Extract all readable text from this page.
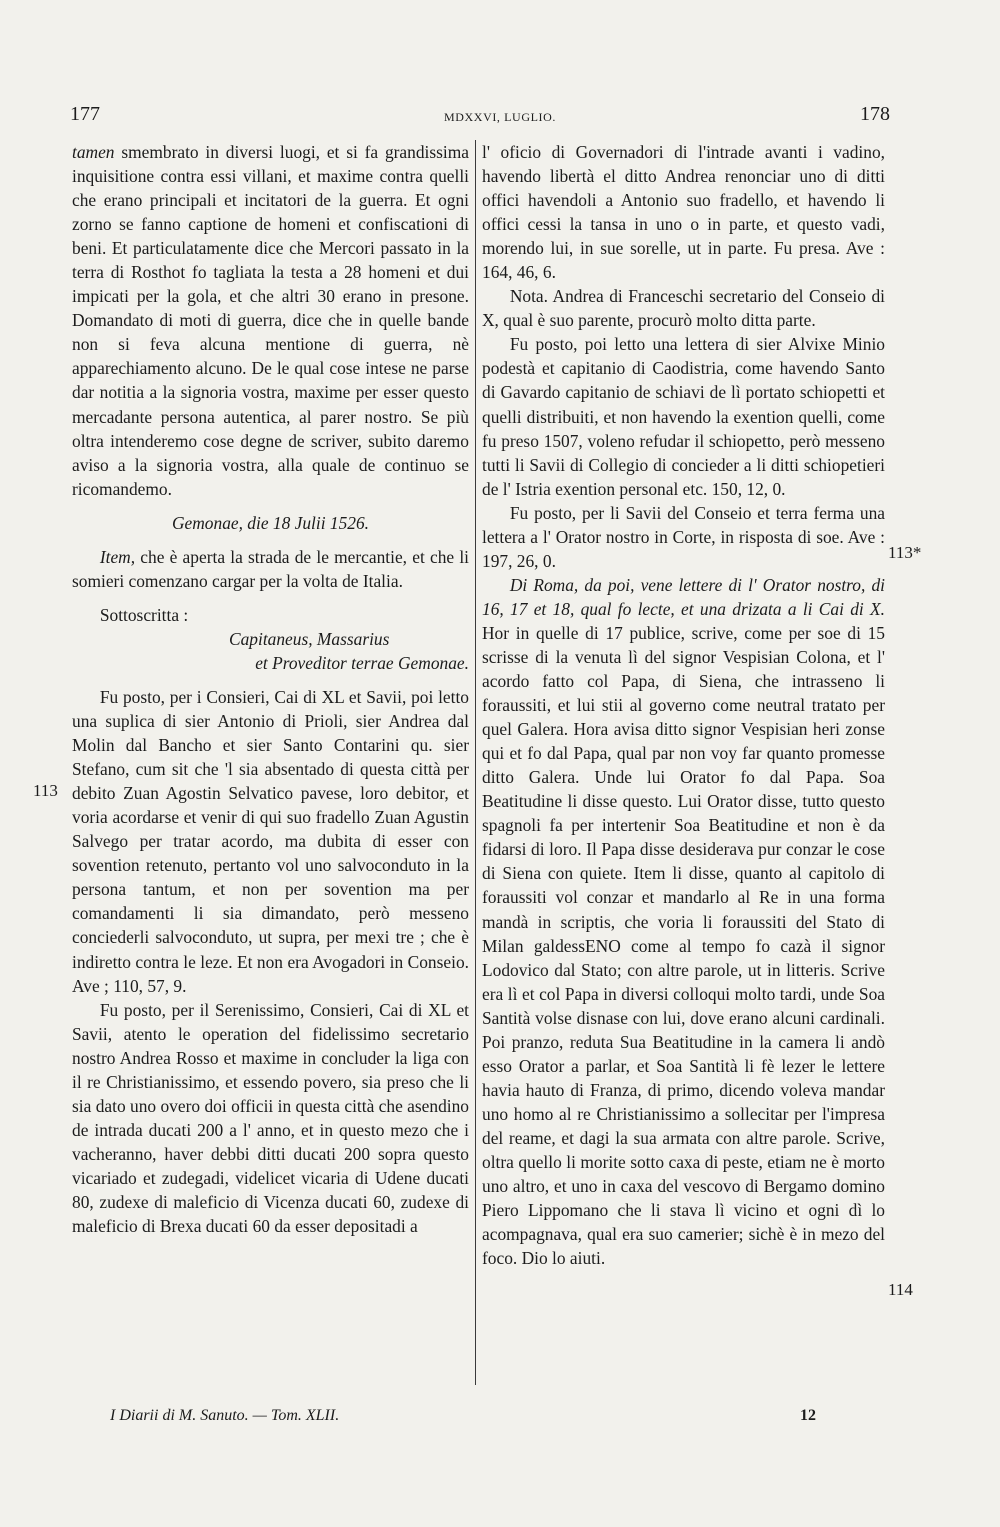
177	MDXXVI, LUGLIO.	178

tamen smembrato in diversi luogi, et si fa grandissima inquisitione contra essi villani, et maxime contra quelli che erano principali et incitatori de la guerra. Et ogni zorno se fanno captione de homeni et confiscationi di beni. Et particulatamente dice che Mercori passato in la terra di Rosthot fo tagliata la testa a 28 homeni et dui impicati per la gola, et che altri 30 erano in presone. Domandato di moti di guerra, dice che in quelle bande non si feva alcuna mentione di guerra, nè apparechiamento alcuno. De le qual cose intese ne parse dar notitia a la signoria vostra, maxime per esser questo mercadante persona autentica, al parer nostro. Se più oltra intenderemo cose degne de scriver, subito daremo aviso a la signoria vostra, alla quale de continuo se ricomandemo.

Gemonae, die 18 Julii 1526.

Item, che è aperta la strada de le mercantie, et che li somieri comenzano cargar per la volta de Italia.

Sottoscritta :

Capitaneus, Massarius

et Proveditor terrae Gemonae.

Fu posto, per i Consieri, Cai di XL et Savii, poi letto una suplica di sier Antonio di Prioli, sier Andrea dal Molin dal Bancho et sier Santo Contarini qu. sier Stefano, cum sit che 'l sia absentado di questa città per debito Zuan Agostin Selvatico pavese, loro debitor, et voria acordarse et venir di qui suo fradello Zuan Agustin Salvego per tratar acordo, ma dubita di esser con sovention retenuto, pertanto vol uno salvoconduto in la persona tantum, et non per sovention ma per comandamenti li sia dimandato, però messeno conciederli salvoconduto, ut supra, per mexi tre ; che è indiretto contra le leze. Et non era Avogadori in Conseio. Ave ; 110, 57, 9.

Fu posto, per il Serenissimo, Consieri, Cai di XL et Savii, atento le operation del fidelissimo secretario nostro Andrea Rosso et maxime in concluder la liga con il re Christianissimo, et essendo povero, sia preso che li sia dato uno overo doi officii in questa città che asendino de intrada ducati 200 a l' anno, et in questo mezo che i vacheranno, haver debbi ditti ducati 200 sopra questo vicariado et zudegadi, videlicet vicaria di Udene ducati 80, zudexe di maleficio di Vicenza ducati 60, zudexe di maleficio di Brexa ducati 60 da esser depositadi a

l' oficio di Governadori di l'intrade avanti i vadino, havendo libertà el ditto Andrea renonciar uno di ditti offici havendoli a Antonio suo fradello, et havendo li offici cessi la tansa in uno o in parte, et questo vadi, morendo lui, in sue sorelle, ut in parte. Fu presa. Ave : 164, 46, 6.

Nota. Andrea di Franceschi secretario del Conseio di X, qual è suo parente, procurò molto ditta parte.

Fu posto, poi letto una lettera di sier Alvixe Minio podestà et capitanio di Caodistria, come havendo Santo di Gavardo capitanio de schiavi de lì portato schiopetti et quelli distribuiti, et non havendo la exention quelli, come fu preso 1507, voleno refudar il schiopetto, però messeno tutti li Savii di Collegio di concieder a li ditti schiopetieri de l' Istria exention personal etc. 150, 12, 0.

Fu posto, per li Savii del Conseio et terra ferma una lettera a l' Orator nostro in Corte, in risposta di soe. Ave : 197, 26, 0.

Di Roma, da poi, vene lettere di l' Orator nostro, di 16, 17 et 18, qual fo lecte, et una drizata a li Cai di X. Hor in quelle di 17 publice, scrive, come per soe di 15 scrisse di la venuta lì del signor Vespisian Colona, et l' acordo fatto col Papa, di Siena, che intrasseno li foraussiti, et lui stii al governo come neutral tratato per quel Galera. Hora avisa ditto signor Vespisian heri zonse qui et fo dal Papa, qual par non voy far quanto promesse ditto Galera. Unde lui Orator fo dal Papa. Soa Beatitudine li disse questo. Lui Orator disse, tutto questo spagnoli fa per intertenir Soa Beatitudine et non è da fidarsi di loro. Il Papa disse desiderava pur conzar le cose di Siena con quiete. Item li disse, quanto al capitolo di foraussiti vol conzar et mandarlo al Re in una forma mandà in scriptis, che voria li foraussiti del Stato di Milan galdessENO come al tempo fo cazà il signor Lodovico dal Stato; con altre parole, ut in litteris. Scrive era lì et col Papa in diversi colloqui molto tardi, unde Soa Santità volse disnase con lui, dove erano alcuni cardinali. Poi pranzo, reduta Sua Beatitudine in la camera li andò esso Orator a parlar, et Soa Santità li fè lezer le lettere havia hauto di Franza, di primo, dicendo voleva mandar uno homo al re Christianissimo a sollecitar per l'impresa del reame, et dagi la sua armata con altre parole. Scrive, oltra quello li morite sotto caxa di peste, etiam ne è morto uno altro, et uno in caxa del vescovo di Bergamo domino Piero Lippomano che li stava lì vicino et ogni dì lo acompagnava, qual era suo camerier; sichè è in mezo del foco. Dio lo aiuti.

113
113*
114
I Diarii di M. Sanuto. — Tom. XLII.	12
